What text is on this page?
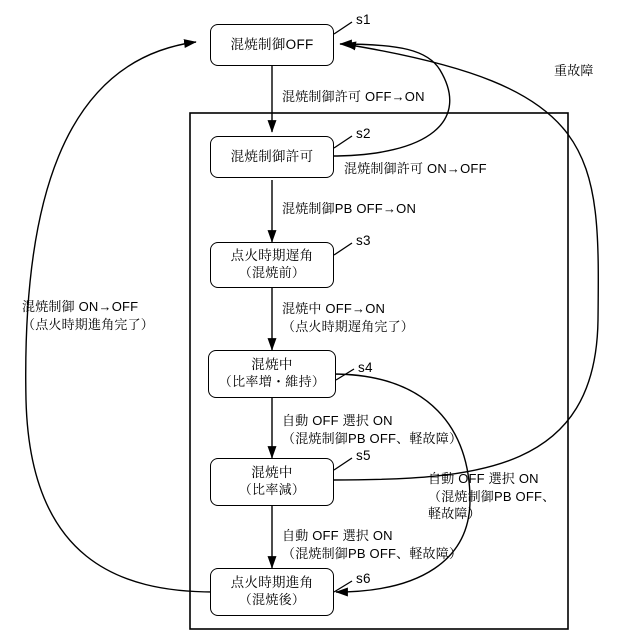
混焼制御OFF
混焼制御許可
点火時期遅角
（混焼前）
混焼中
（比率増・維持）
混焼中
（比率減）
点火時期進角
（混焼後）
s1
s2
s3
s4
s5
s6
混焼制御許可 OFF→ON
混焼制御許可 ON→OFF
混焼制御PB OFF→ON
混焼中 OFF→ON
（点火時期遅角完了）
自動 OFF 選択 ON
（混焼制御PB OFF、軽故障）
自動 OFF 選択 ON
（混焼制御PB OFF、
軽故障）
自動 OFF 選択 ON
（混焼制御PB OFF、軽故障）
混焼制御 ON→OFF
（点火時期進角完了）
重故障
